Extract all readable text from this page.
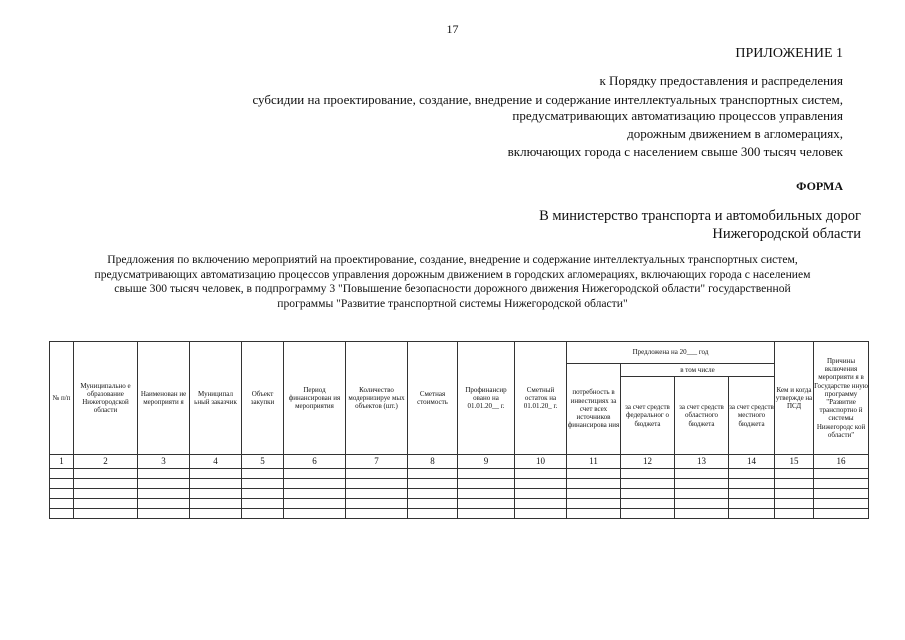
17
ПРИЛОЖЕНИЕ 1
к Порядку предоставления и распределения
субсидии на проектирование, создание, внедрение и содержание интеллектуальных транспортных систем,
предусматривающих автоматизацию процессов управления
дорожным движением в агломерациях,
включающих города с населением свыше 300 тысяч человек
ФОРМА
В министерство транспорта и автомобильных дорог
Нижегородской области
Предложения по включению мероприятий на проектирование, создание, внедрение и содержание интеллектуальных транспортных систем,
предусматривающих автоматизацию процессов управления дорожным движением в городских агломерациях, включающих города с населением
свыше 300 тысяч человек, в подпрограмму 3 "Повышение безопасности дорожного движения Нижегородской области" государственной
программы "Развитие транспортной системы Нижегородской области"
№ п/п	Муниципально е образование Нижегородской области	Наименован ие мероприяти я	Муниципал ьный заказчик	Объект закупки	Период финансирован ия мероприятия	Количество модернизируе мых объектов (шт.)	Сметная стоимость	Профинансир овано на 01.01.20__ г.	Сметный остаток на 01.01.20_ г.	Предложена на 20___ год				Кем и когда утвержде на ПСД	Причины включения мероприяти я в Государстве нную программу "Развитие транспортно й системы Нижегородс кой области"
										потребность в инвестициях за счет всех источников финансирова ния	в том числе				
											за счет средств федеральног о бюджета	за счет средств областного бюджета	за счет средств местного бюджета		
1	2	3	4	5	6	7	8	9	10	11	12	13	14	15	16
